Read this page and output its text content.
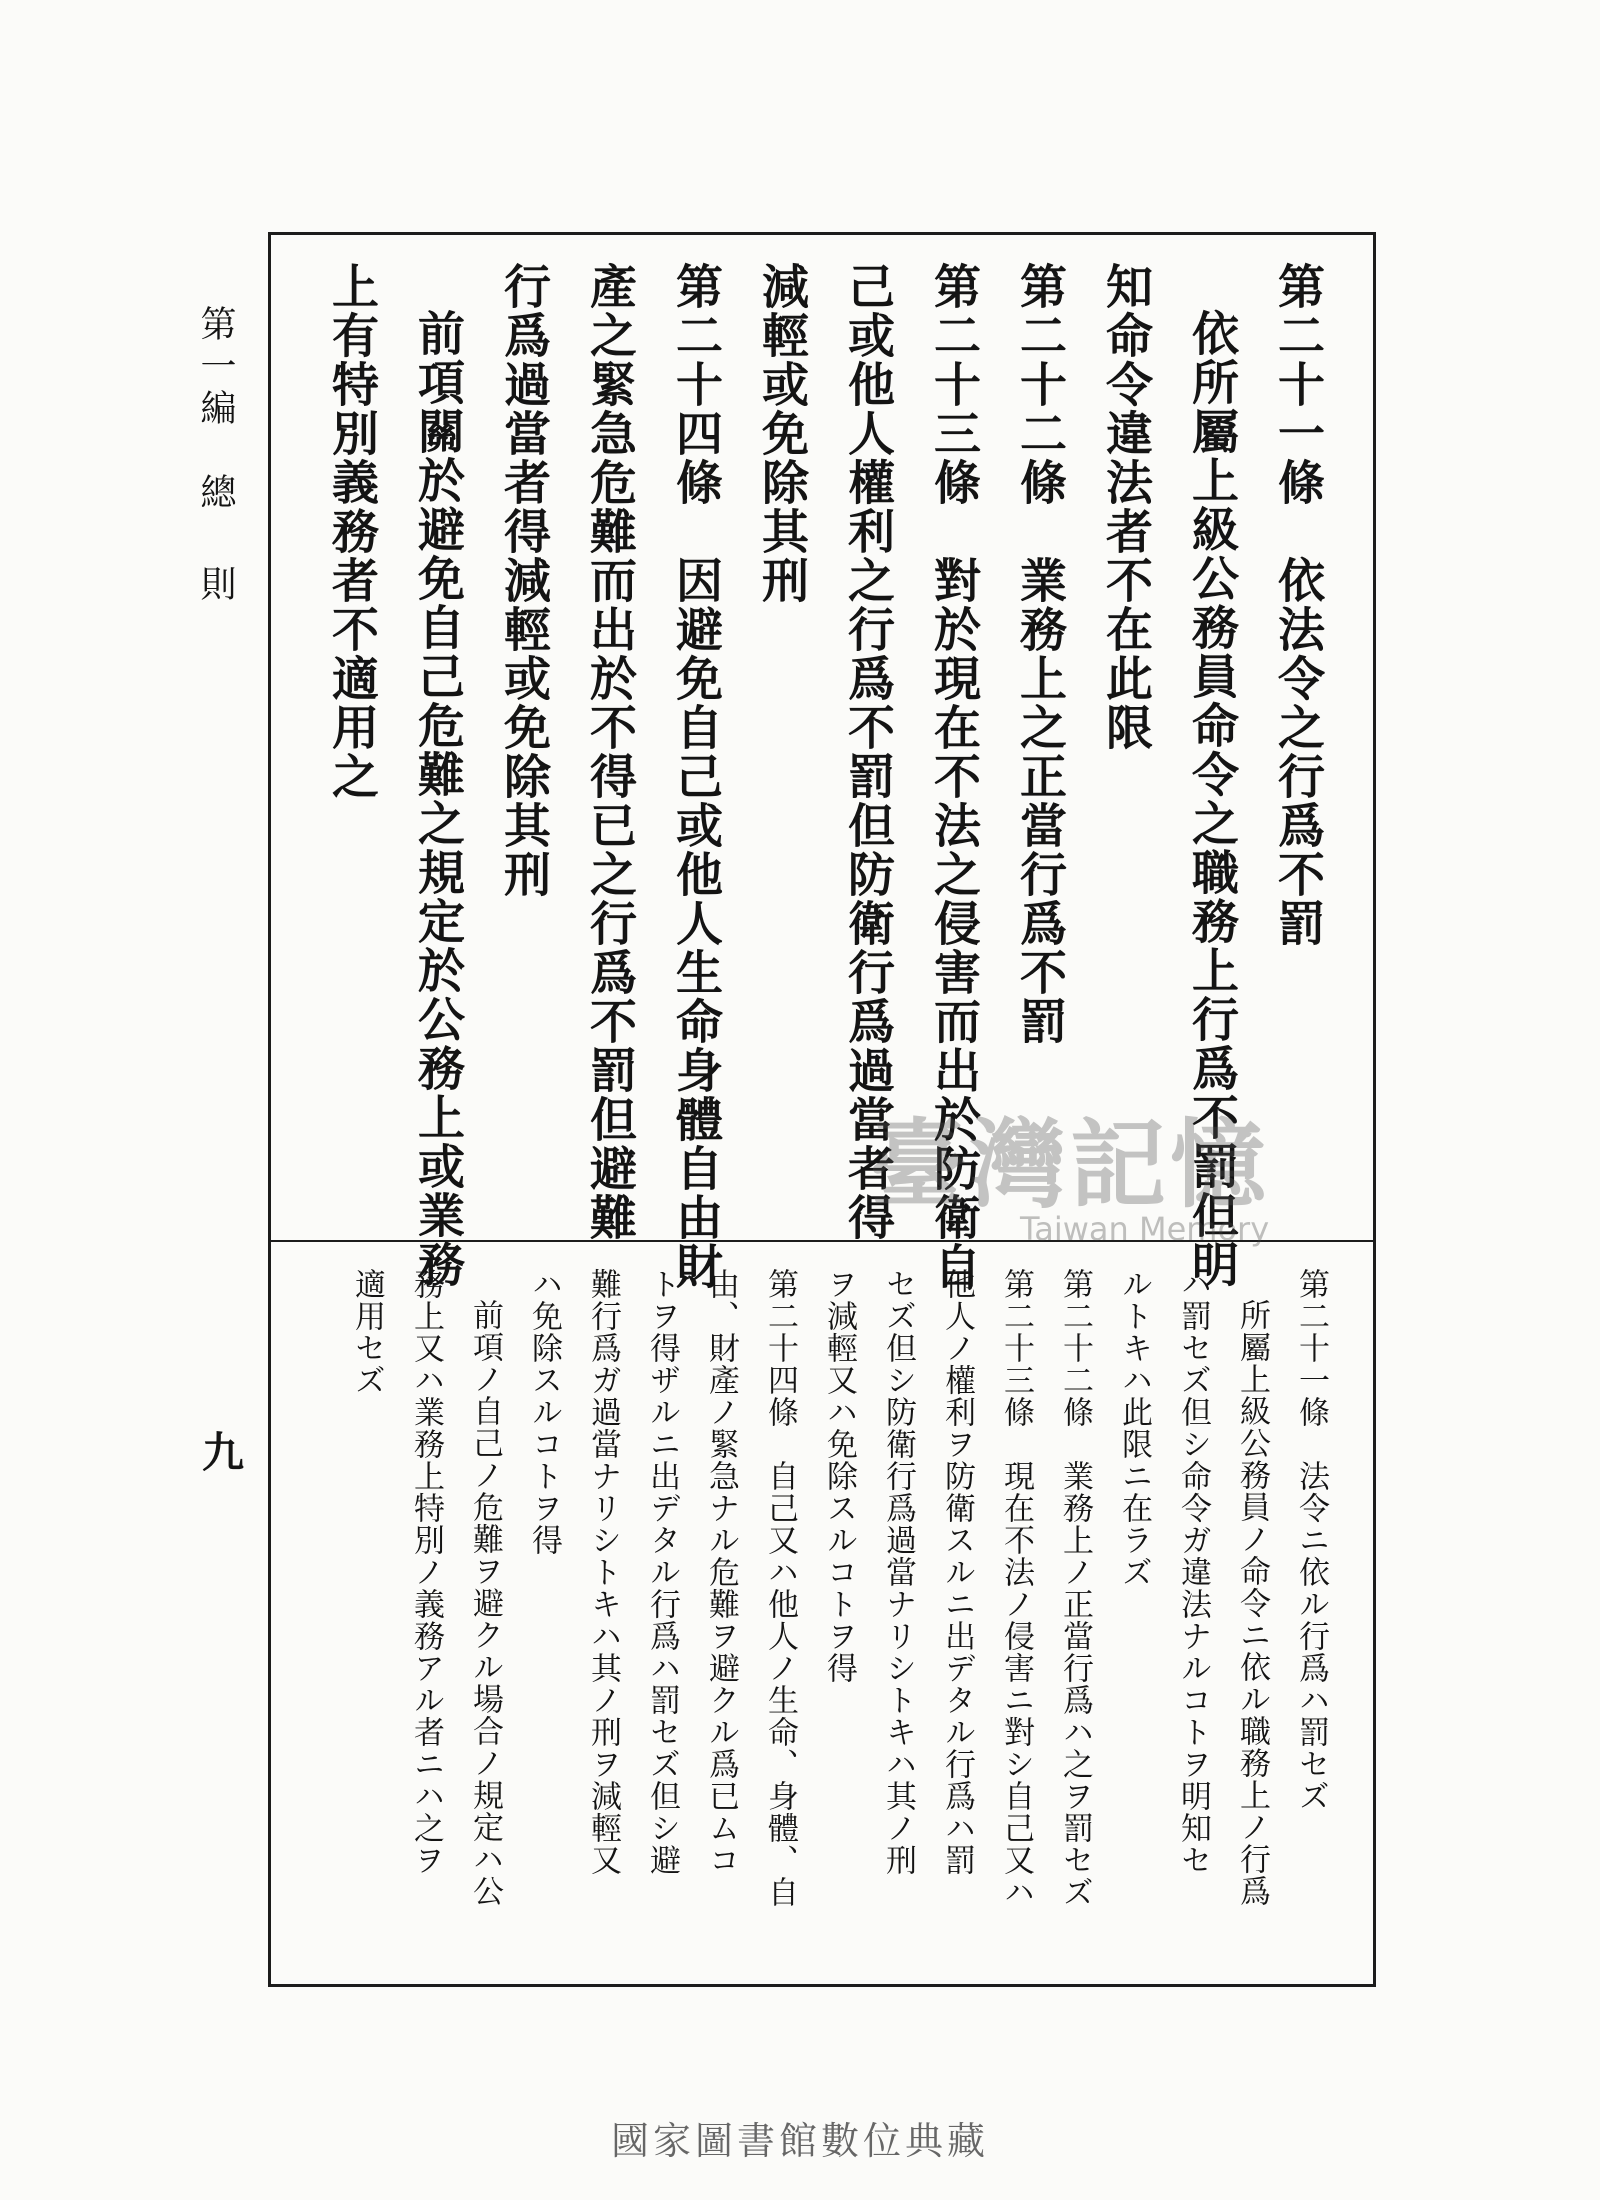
第一編　總
則
九
第二十一條　依法令之行爲不罰
依所屬上級公務員命令之職務上行爲不罰但明
知命令違法者不在此限
第二十二條　業務上之正當行爲不罰
第二十三條　對於現在不法之侵害而出於防衛自
己或他人權利之行爲不罰但防衛行爲過當者得
減輕或免除其刑
第二十四條　因避免自己或他人生命身體自由財
產之緊急危難而出於不得已之行爲不罰但避難
行爲過當者得減輕或免除其刑
前項關於避免自己危難之規定於公務上或業務
上有特別義務者不適用之
第二十一條　法令ニ依ル行爲ハ罰セズ
所屬上級公務員ノ命令ニ依ル職務上ノ行爲
ハ罰セズ但シ命令ガ違法ナルコトヲ明知セ
ルトキハ此限ニ在ラズ
第二十二條　業務上ノ正當行爲ハ之ヲ罰セズ
第二十三條　現在不法ノ侵害ニ對シ自己又ハ
他人ノ權利ヲ防衛スルニ出デタル行爲ハ罰
セズ但シ防衛行爲過當ナリシトキハ其ノ刑
ヲ減輕又ハ免除スルコトヲ得
第二十四條　自己又ハ他人ノ生命、身體、自
由、財產ノ緊急ナル危難ヲ避クル爲已ムコ
トヲ得ザルニ出デタル行爲ハ罰セズ但シ避
難行爲ガ過當ナリシトキハ其ノ刑ヲ減輕又
ハ免除スルコトヲ得
前項ノ自己ノ危難ヲ避クル場合ノ規定ハ公
務上又ハ業務上特別ノ義務アル者ニハ之ヲ
適用セズ
臺灣記憶
Taiwan Memory
國家圖書館數位典藏
